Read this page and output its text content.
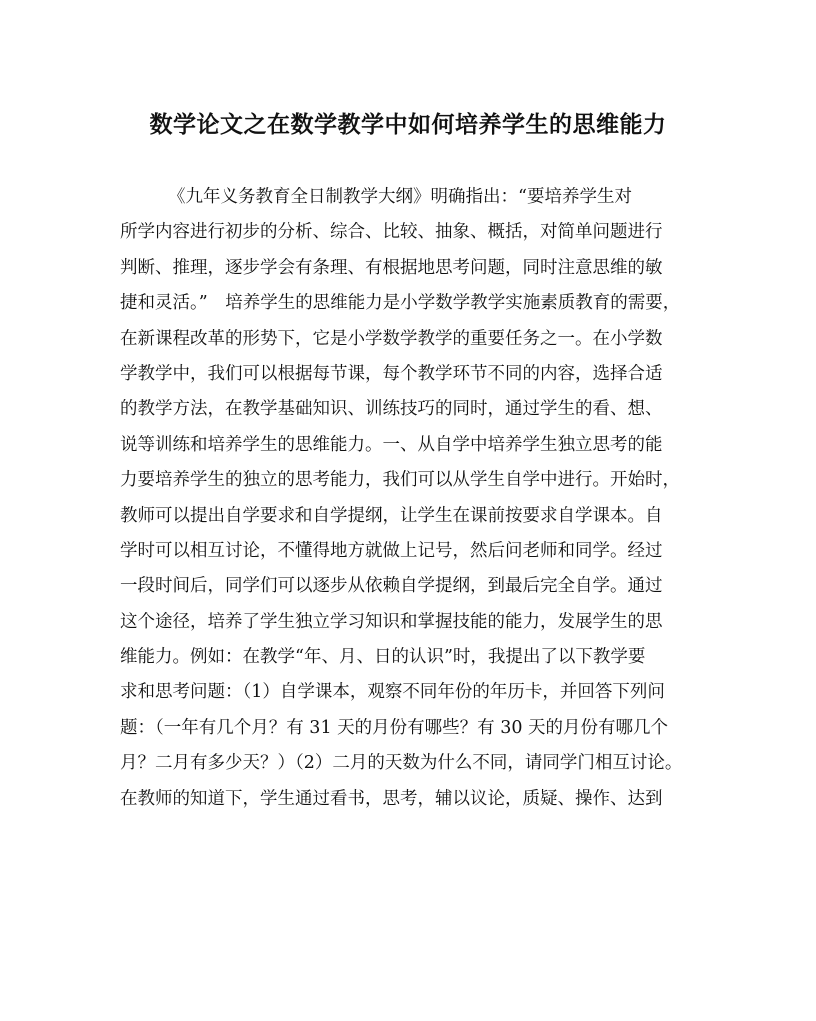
数学论文之在数学教学中如何培养学生的思维能力
《九年义务教育全日制教学大纲》明确指出：“要培养学生对
所学内容进行初步的分析、综合、比较、抽象、概括，对简单问题进行
判断、推理，逐步学会有条理、有根据地思考问题，同时注意思维的敏
捷和灵活。”　培养学生的思维能力是小学数学教学实施素质教育的需要，
在新课程改革的形势下，它是小学数学教学的重要任务之一。在小学数
学教学中，我们可以根据每节课，每个教学环节不同的内容，选择合适
的教学方法，在教学基础知识、训练技巧的同时，通过学生的看、想、
说等训练和培养学生的思维能力。一、从自学中培养学生独立思考的能
力要培养学生的独立的思考能力，我们可以从学生自学中进行。开始时，
教师可以提出自学要求和自学提纲，让学生在课前按要求自学课本。自
学时可以相互讨论，不懂得地方就做上记号，然后问老师和同学。经过
一段时间后，同学们可以逐步从依赖自学提纲，到最后完全自学。通过
这个途径，培养了学生独立学习知识和掌握技能的能力，发展学生的思
维能力。例如：在教学“年、月、日的认识”时，我提出了以下教学要
求和思考问题：（1）自学课本，观察不同年份的年历卡，并回答下列问
题：（一年有几个月？有 31 天的月份有哪些？有 30 天的月份有哪几个
月？二月有多少天？）（2）二月的天数为什么不同，请同学门相互讨论。
在教师的知道下，学生通过看书，思考，辅以议论，质疑、操作、达到
